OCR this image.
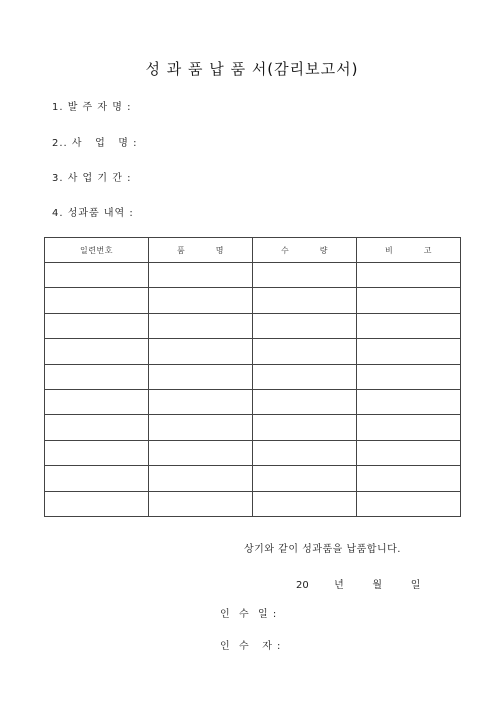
성 과 품 납 품 서(감리보고서)
1. 발 주 자 명 :
2.. 사   업   명 :
3. 사 업 기 간 :
4. 성과품 내역 :
일련번호	품          명	수          량	비          고

상기와 같이 성과품을 납품합니다.
20        년         월         일
인  수  일 :
인  수   자 :
